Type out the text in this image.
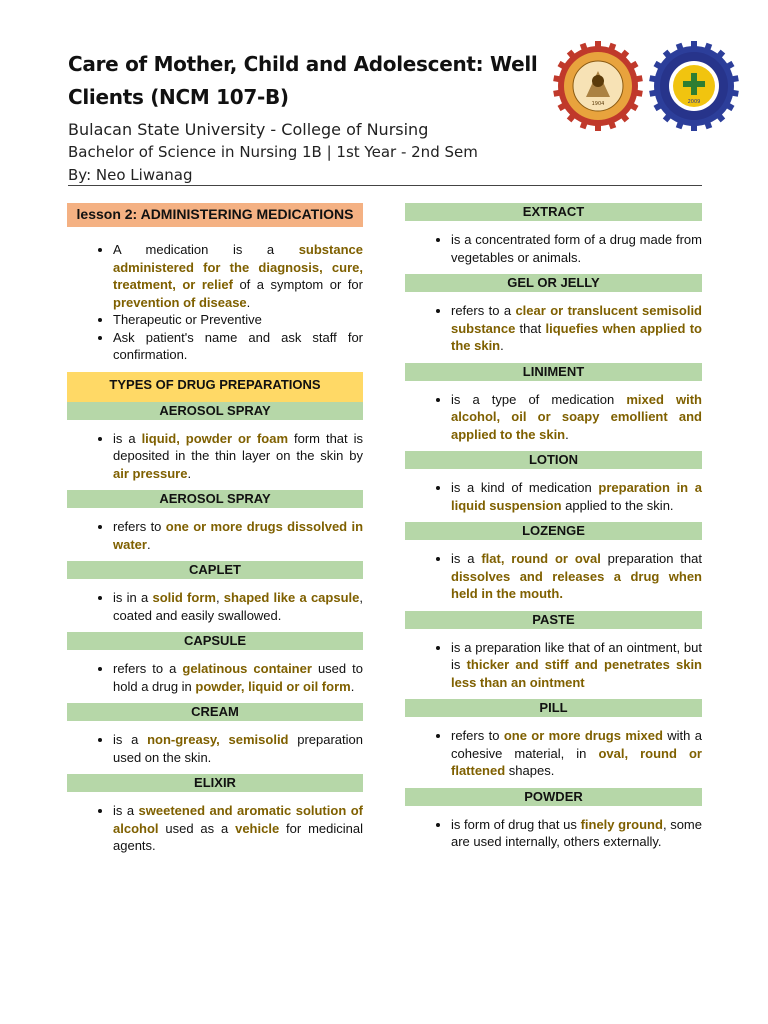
Care of Mother, Child and Adolescent: Well Clients (NCM 107-B)
Bulacan State University - College of Nursing
Bachelor of Science in Nursing 1B | 1st Year - 2nd Sem
By: Neo Liwanag
1904	2009
lesson 2: ADMINISTERING MEDICATIONS
• A medication is a substance administered for the diagnosis, cure, treatment, or relief of a symptom or for prevention of disease.
• Therapeutic or Preventive
• Ask patient's name and ask staff for confirmation.
TYPES OF DRUG PREPARATIONS
AEROSOL SPRAY
• is a liquid, powder or foam form that is deposited in the thin layer on the skin by air pressure.
AEROSOL SPRAY
• refers to one or more drugs dissolved in water.
CAPLET
• is in a solid form, shaped like a capsule, coated and easily swallowed.
CAPSULE
• refers to a gelatinous container used to hold a drug in powder, liquid or oil form.
CREAM
• is a non-greasy, semisolid preparation used on the skin.
ELIXIR
• is a sweetened and aromatic solution of alcohol used as a vehicle for medicinal agents.
EXTRACT
• is a concentrated form of a drug made from vegetables or animals.
GEL OR JELLY
• refers to a clear or translucent semisolid substance that liquefies when applied to the skin.
LINIMENT
• is a type of medication mixed with alcohol, oil or soapy emollient and applied to the skin.
LOTION
• is a kind of medication preparation in a liquid suspension applied to the skin.
LOZENGE
• is a flat, round or oval preparation that dissolves and releases a drug when held in the mouth.
PASTE
• is a preparation like that of an ointment, but is thicker and stiff and penetrates skin less than an ointment
PILL
• refers to one or more drugs mixed with a cohesive material, in oval, round or flattened shapes.
POWDER
• is form of drug that us finely ground, some are used internally, others externally.
